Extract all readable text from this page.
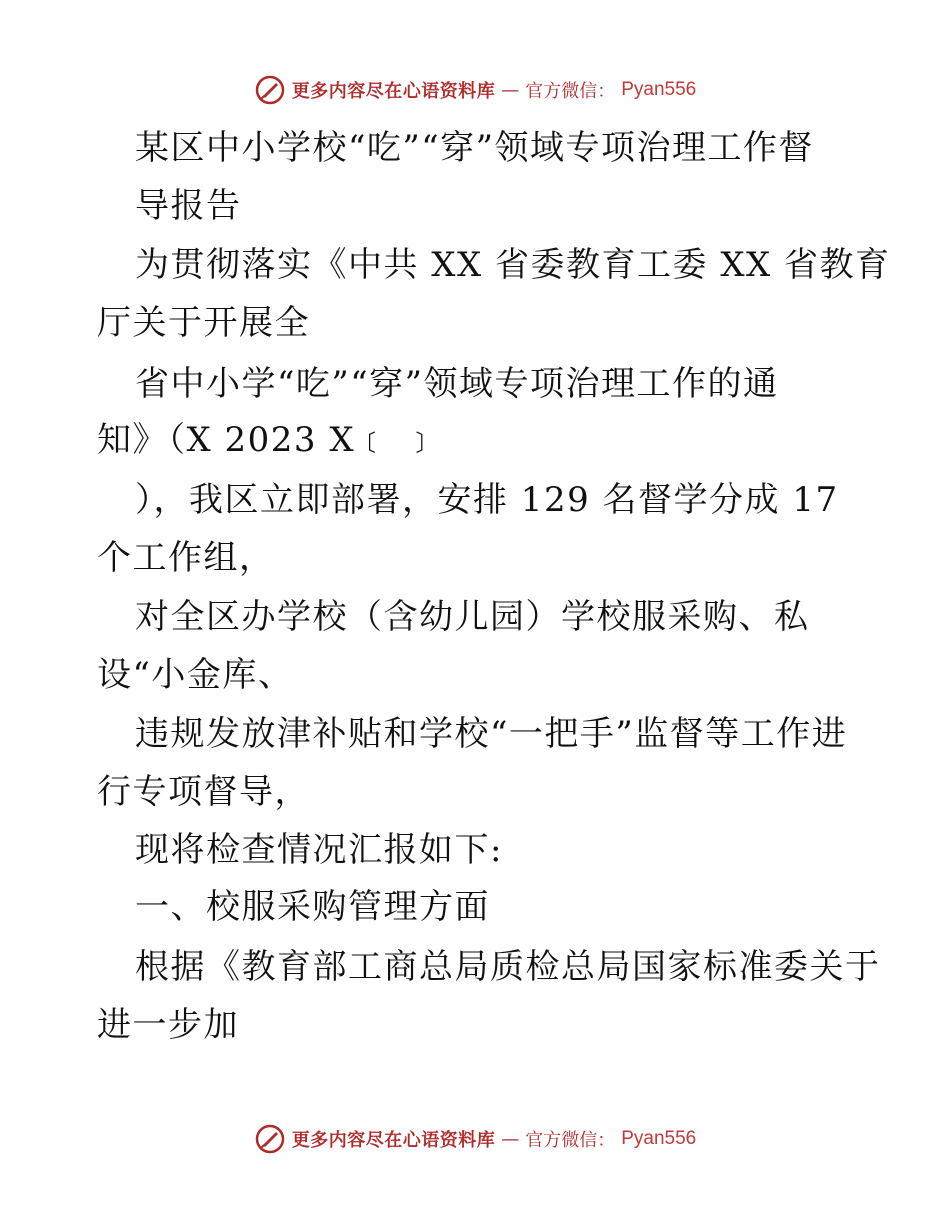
更多内容尽在心语资料库 — 官方微信： Pyan556

某区中小学校“吃”“穿”领域专项治理工作督

导报告

为贯彻落实《中共 XX 省委教育工委 XX 省教育

厅关于开展全

省中小学“吃”“穿”领域专项治理工作的通

知》（X 2023 X﹝ ﹞

），我区立即部署，安排 129 名督学分成 17

个工作组，

对全区办学校（含幼儿园）学校服采购、私

设“小金库、

违规发放津补贴和学校“一把手”监督等工作进

行专项督导，

现将检查情况汇报如下:

一、校服采购管理方面

根据《教育部工商总局质检总局国家标准委关于

进一步加

更多内容尽在心语资料库 — 官方微信： Pyan556
